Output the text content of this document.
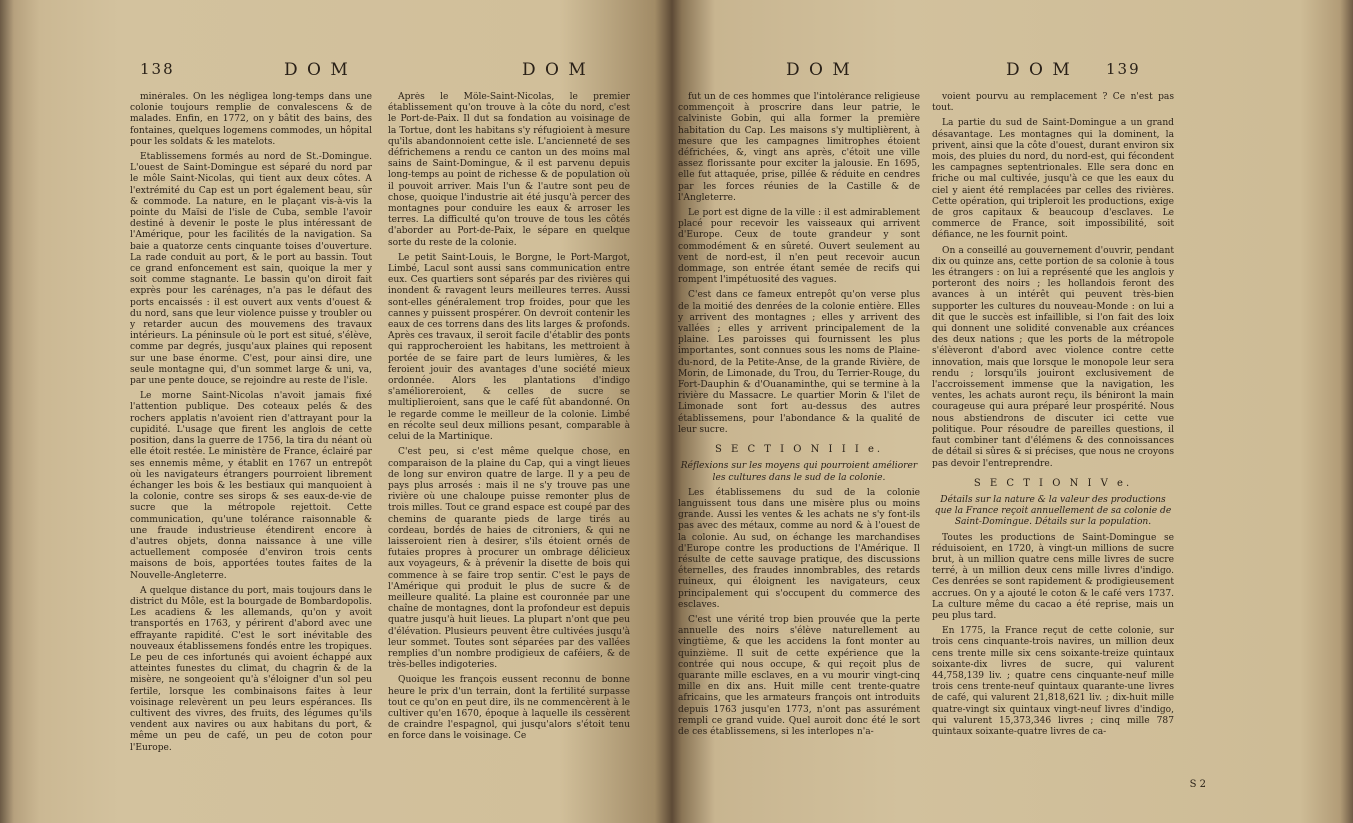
138	D O M	D O M

minérales. On les négligea long-temps dans une colonie toujours remplie de convalescens & de malades. Enfin, en 1772, on y bâtit des bains, des fontaines, quelques logemens commodes, un hôpital pour les soldats & les matelots.

Etablissemens formés au nord de St.-Domingue. L'ouest de Saint-Domingue est séparé du nord par le môle Saint-Nicolas, qui tient aux deux côtes. A l'extrémité du Cap est un port également beau, sûr & commode. La nature, en le plaçant vis-à-vis la pointe du Maïsi de l'isle de Cuba, semble l'avoir destiné à devenir le poste le plus intéressant de l'Amérique, pour les facilités de la navigation. Sa baie a quatorze cents cinquante toises d'ouverture. La rade conduit au port, & le port au bassin. Tout ce grand enfoncement est sain, quoique la mer y soit comme stagnante. Le bassin qu'on diroit fait exprès pour les carénages, n'a pas le défaut des ports encaissés : il est ouvert aux vents d'ouest & du nord, sans que leur violence puisse y troubler ou y retarder aucun des mouvemens des travaux intérieurs. La péninsule où le port est situé, s'élève, comme par degrés, jusqu'aux plaines qui reposent sur une base énorme. C'est, pour ainsi dire, une seule montagne qui, d'un sommet large & uni, va, par une pente douce, se rejoindre au reste de l'isle.

Le morne Saint-Nicolas n'avoit jamais fixé l'attention publique. Des coteaux pelés & des rochers applatis n'avoient rien d'attrayant pour la cupidité. L'usage que firent les anglois de cette position, dans la guerre de 1756, la tira du néant où elle étoit restée. Le ministère de France, éclairé par ses ennemis même, y établit en 1767 un entrepôt où les navigateurs étrangers pourroient librement échanger les bois & les bestiaux qui manquoient à la colonie, contre ses sirops & ses eaux-de-vie de sucre que la métropole rejettoit. Cette communication, qu'une tolérance raisonnable & une fraude industrieuse étendirent encore à d'autres objets, donna naissance à une ville actuellement composée d'environ trois cents maisons de bois, apportées toutes faites de la Nouvelle-Angleterre.

A quelque distance du port, mais toujours dans le district du Môle, est la bourgade de Bombardopolis. Les acadiens & les allemands, qu'on y avoit transportés en 1763, y périrent d'abord avec une effrayante rapidité. C'est le sort inévitable des nouveaux établissemens fondés entre les tropiques. Le peu de ces infortunés qui avoient échappé aux atteintes funestes du climat, du chagrin & de la misère, ne songeoient qu'à s'éloigner d'un sol peu fertile, lorsque les combinaisons faites à leur voisinage relevèrent un peu leurs espérances. Ils cultivent des vivres, des fruits, des légumes qu'ils vendent aux navires ou aux habitans du port, & même un peu de café, un peu de coton pour l'Europe.

Après le Môle-Saint-Nicolas, le premier établissement qu'on trouve à la côte du nord, c'est le Port-de-Paix. Il dut sa fondation au voisinage de la Tortue, dont les habitans s'y réfugioient à mesure qu'ils abandonnoient cette isle. L'ancienneté de ses défrichemens a rendu ce canton un des moins mal sains de Saint-Domingue, & il est parvenu depuis long-temps au point de richesse & de population où il pouvoit arriver. Mais l'un & l'autre sont peu de chose, quoique l'industrie ait été jusqu'à percer des montagnes pour conduire les eaux & arroser les terres. La difficulté qu'on trouve de tous les côtés d'aborder au Port-de-Paix, le sépare en quelque sorte du reste de la colonie.

Le petit Saint-Louis, le Borgne, le Port-Margot, Limbé, Lacul sont aussi sans communication entre eux. Ces quartiers sont séparés par des rivières qui inondent & ravagent leurs meilleures terres. Aussi sont-elles généralement trop froides, pour que les cannes y puissent prospérer. On devroit contenir les eaux de ces torrens dans des lits larges & profonds. Après ces travaux, il seroit facile d'établir des ponts qui rapprocheroient les habitans, les mettroient à portée de se faire part de leurs lumières, & les feroient jouir des avantages d'une société mieux ordonnée. Alors les plantations d'indigo s'amélioreroient, & celles de sucre se multiplieroient, sans que le café fût abandonné. On le regarde comme le meilleur de la colonie. Limbé en récolte seul deux millions pesant, comparable à celui de la Martinique.

C'est peu, si c'est même quelque chose, en comparaison de la plaine du Cap, qui a vingt lieues de long sur environ quatre de large. Il y a peu de pays plus arrosés : mais il ne s'y trouve pas une rivière où une chaloupe puisse remonter plus de trois milles. Tout ce grand espace est coupé par des chemins de quarante pieds de large tirés au cordeau, bordés de haies de citroniers, & qui ne laisseroient rien à desirer, s'ils étoient ornés de futaies propres à procurer un ombrage délicieux aux voyageurs, & à prévenir la disette de bois qui commence à se faire trop sentir. C'est le pays de l'Amérique qui produit le plus de sucre & de meilleure qualité. La plaine est couronnée par une chaîne de montagnes, dont la profondeur est depuis quatre jusqu'à huit lieues. La plupart n'ont que peu d'élévation. Plusieurs peuvent être cultivées jusqu'à leur sommet. Toutes sont séparées par des vallées remplies d'un nombre prodigieux de caféiers, & de très-belles indigoteries.

Quoique les françois eussent reconnu de bonne heure le prix d'un terrain, dont la fertilité surpasse tout ce qu'on en peut dire, ils ne commencèrent à le cultiver qu'en 1670, époque à laquelle ils cessèrent de craindre l'espagnol, qui jusqu'alors s'étoit tenu en force dans le voisinage. Ce

D O M	D O M 139

fut un de ces hommes que l'intolérance religieuse commençoit à proscrire dans leur patrie, le calviniste Gobin, qui alla former la première habitation du Cap. Les maisons s'y multiplièrent, à mesure que les campagnes limitrophes étoient défrichées, &, vingt ans après, c'étoit une ville assez florissante pour exciter la jalousie. En 1695, elle fut attaquée, prise, pillée & réduite en cendres par les forces réunies de la Castille & de l'Angleterre.

Le port est digne de la ville : il est admirablement placé pour recevoir les vaisseaux qui arrivent d'Europe. Ceux de toute grandeur y sont commodément & en sûreté. Ouvert seulement au vent de nord-est, il n'en peut recevoir aucun dommage, son entrée étant semée de recifs qui rompent l'impétuosité des vagues.

C'est dans ce fameux entrepôt qu'on verse plus de la moitié des denrées de la colonie entière. Elles y arrivent des montagnes ; elles y arrivent des vallées ; elles y arrivent principalement de la plaine. Les paroisses qui fournissent les plus importantes, sont connues sous les noms de Plaine-du-nord, de la Petite-Anse, de la grande Rivière, de Morin, de Limonade, du Trou, du Terrier-Rouge, du Fort-Dauphin & d'Ouanaminthe, qui se termine à la rivière du Massacre. Le quartier Morin & l'ilet de Limonade sont fort au-dessus des autres établissemens, pour l'abondance & la qualité de leur sucre.

S E C T I O N I I I e.

Réflexions sur les moyens qui pourroient améliorer les cultures dans le sud de la colonie.

Les établissemens du sud de la colonie languissent tous dans une misère plus ou moins grande. Aussi les ventes & les achats ne s'y font-ils pas avec des métaux, comme au nord & à l'ouest de la colonie. Au sud, on échange les marchandises d'Europe contre les productions de l'Amérique. Il résulte de cette sauvage pratique, des discussions éternelles, des fraudes innombrables, des retards ruineux, qui éloignent les navigateurs, ceux principalement qui s'occupent du commerce des esclaves.

C'est une vérité trop bien prouvée que la perte annuelle des noirs s'élève naturellement au vingtième, & que les accidens la font monter au quinzième. Il suit de cette expérience que la contrée qui nous occupe, & qui reçoit plus de quarante mille esclaves, en a vu mourir vingt-cinq mille en dix ans. Huit mille cent trente-quatre africains, que les armateurs françois ont introduits depuis 1763 jusqu'en 1773, n'ont pas assurément rempli ce grand vuide. Quel auroit donc été le sort de ces établissemens, si les interlopes n'a-

voient pourvu au remplacement ? Ce n'est pas tout.

La partie du sud de Saint-Domingue a un grand désavantage. Les montagnes qui la dominent, la privent, ainsi que la côte d'ouest, durant environ six mois, des pluies du nord, du nord-est, qui fécondent les campagnes septentrionales. Elle sera donc en friche ou mal cultivée, jusqu'à ce que les eaux du ciel y aient été remplacées par celles des rivières. Cette opération, qui tripleroit les productions, exige de gros capitaux & beaucoup d'esclaves. Le commerce de France, soit impossibilité, soit défiance, ne les fournit point.

On a conseillé au gouvernement d'ouvrir, pendant dix ou quinze ans, cette portion de sa colonie à tous les étrangers : on lui a représenté que les anglois y porteront des noirs ; les hollandois feront des avances à un intérêt qui peuvent très-bien supporter les cultures du nouveau-Monde : on lui a dit que le succès est infaillible, si l'on fait des loix qui donnent une solidité convenable aux créances des deux nations ; que les ports de la métropole s'élèveront d'abord avec violence contre cette innovation, mais que lorsque le monopole leur sera rendu ; lorsqu'ils jouiront exclusivement de l'accroissement immense que la navigation, les ventes, les achats auront reçu, ils béniront la main courageuse qui aura préparé leur prospérité. Nous nous abstiendrons de discuter ici cette vue politique. Pour résoudre de pareilles questions, il faut combiner tant d'élémens & des connoissances de détail si sûres & si précises, que nous ne croyons pas devoir l'entreprendre.

S E C T I O N I V e.

Détails sur la nature & la valeur des productions que la France reçoit annuellement de sa colonie de Saint-Domingue. Détails sur la population.

Toutes les productions de Saint-Domingue se réduisoient, en 1720, à vingt-un millions de sucre brut, à un million quatre cens mille livres de sucre terré, à un million deux cens mille livres d'indigo. Ces denrées se sont rapidement & prodigieusement accrues. On y a ajouté le coton & le café vers 1737. La culture même du cacao a été reprise, mais un peu plus tard.

En 1775, la France reçut de cette colonie, sur trois cens cinquante-trois navires, un million deux cens trente mille six cens soixante-treize quintaux soixante-dix livres de sucre, qui valurent 44,758,139 liv. ; quatre cens cinquante-neuf mille trois cens trente-neuf quintaux quarante-une livres de café, qui valurent 21,818,621 liv. ; dix-huit mille quatre-vingt six quintaux vingt-neuf livres d'indigo, qui valurent 15,373,346 livres ; cinq mille 787 quintaux soixante-quatre livres de ca-

S 2
